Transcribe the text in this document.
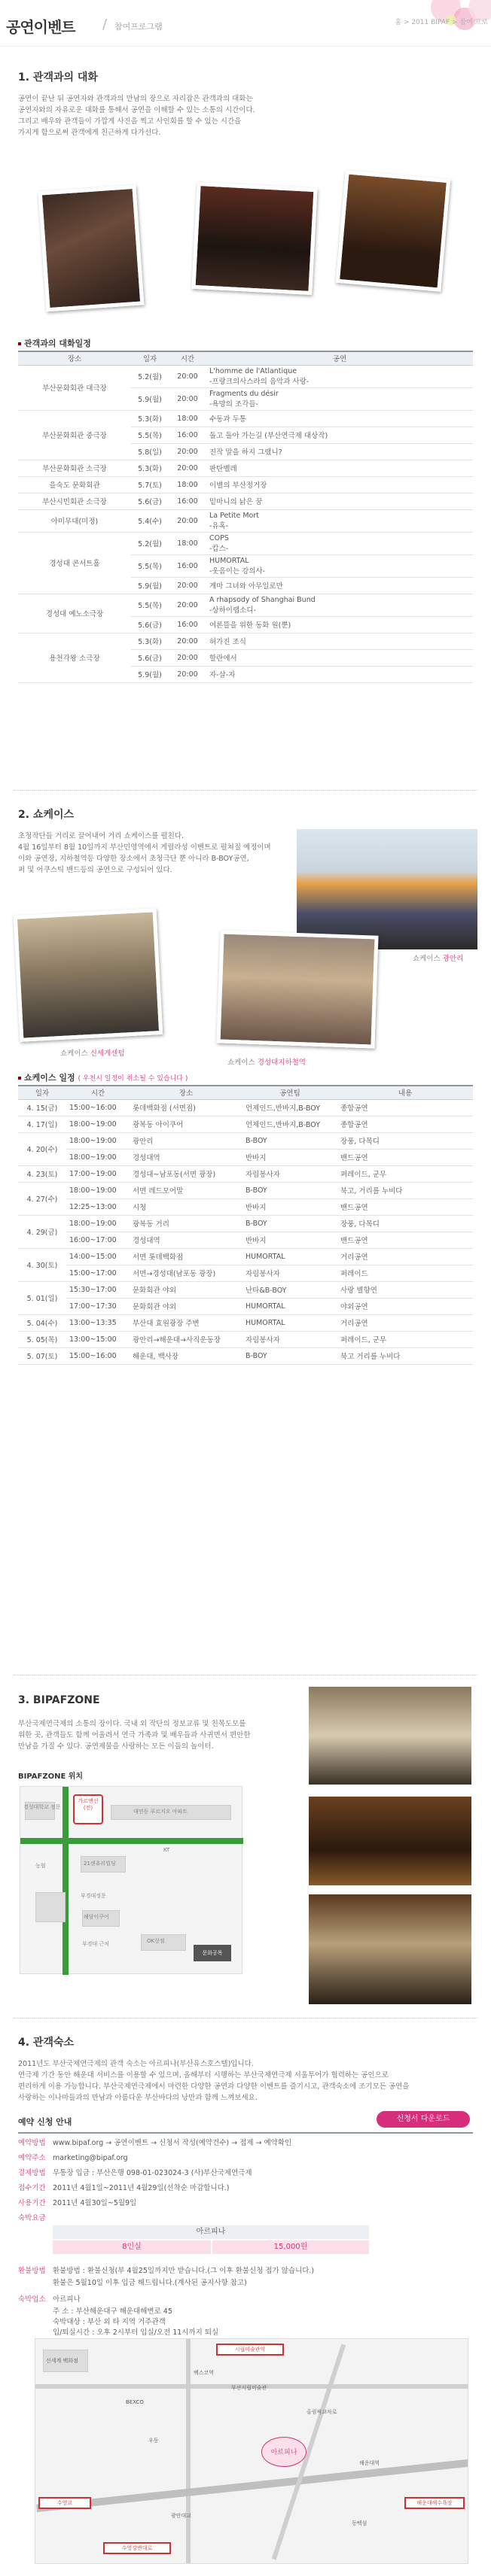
공연이벤트 / 참여프로그램	홈 > 2011 BIPAF > 참여 프로
1. 관객과의 대화
공연이 끝난 뒤 공연자와 관객과의 만남의 장으로 자리잡은 관객과의 대화는
공연자와의 자유로운 대화를 통해서 공연을 이해할 수 있는 소통의 시간이다.
그리고 배우와 관객들이 가깝게 사진을 찍고 사인회를 할 수 있는 시간을
가지게 함으로써 관객에게 친근하게 다가선다.
관객과의 대화일정
장소	일자	시간	공연
부산문화회관 대극장	5.2(월)	20:00	L'homme de l'Atlantique
-프랑크의사스라의 음악과 사랑-

	5.9(월)	20:00	Fragments du désir
-욕망의 조각들-

부산문화회관 중극장	5.3(화)	18:00	수동과 두통
	5.5(목)	16:00	돌고 돌아 가는길 (부산연극제 대상작)
	5.8(일)	20:00	진작 말을 하지 그랬니?
부산문화회관 소극장	5.3(화)	20:00	판탄벨레
을숙도 문화회관	5.7(토)	18:00	이별의 부산정거장
부산시민회관 소극장	5.6(금)	16:00	밑마니의 낡은 꿈
아미무대(미정)	5.4(수)	20:00	La Petite Mort
-유혹-

경성대 콘서트홀	5.2(월)	18:00	COPS
-캅스-

	5.5(목)	16:00	HUMORTAL
-웃음이는 강의사-

	5.9(월)	20:00	계마 그녀와 아무일로만
경성대 예노소극장	5.5(목)	20:00	A rhapsody of Shanghai Bund
-상하이랩소디-

	5.6(금)	16:00	여론뜰을 위한 동화 원(뿐)
용천각왕 소극장	5.3(화)	20:00	허가진 조식
	5.6(금)	20:00	할란에서
	5.9(월)	20:00	자-살-자
2. 쇼케이스
초청작단들 거리로 끌어내어 거리 쇼케이스를 펼친다.
4월 16일부터 8월 10일까지 부산민영역에서 게릴라성 이벤트로 펼쳐질 예정이며
이와 공연장, 지하철역등 다양한 장소에서 초청극단 뿐 아니라 B-BOY공연,
퍼 및 어쿠스틱 밴드등의 공연으로 구성되어 있다.
쇼케이스 광안리
쇼케이스 신세계센텀
쇼케이스 경성대지하철역
쇼케이스 일정 ( 우천시 일정이 취소될 수 있습니다 )
일자	시간	장소	공연팀	내용
4. 15(금)	15:00~16:00	롯데백화점 (서면점)	언제인드,반바지,B-BOY	종합공연
4. 17(일)	18:00~19:00	광복동 아이쿠어	언제인드,반바지,B-BOY	종합공연
4. 20(수)	18:00~19:00	광안리	B-BOY	장풍, 다목디
	18:00~19:00	경성대역	반바지	밴드공연
4. 23(토)	17:00~19:00	경성대~남포동(서면 광장)	자림봉사자	퍼레이드, 군무
4. 27(수)	18:00~19:00	서면 레드모어말	B-BOY	북고, 거리를 누비다
	12:25~13:00	시청	반바지	밴드공연
4. 29(금)	18:00~19:00	광복동 거리	B-BOY	장풍, 다목디
	16:00~17:00	경성대역	반바지	밴드공연
4. 30(토)	14:00~15:00	서면 롯데백화점	HUMORTAL	거리공연
	15:00~17:00	서면→경성대(남포동 광장)	자림봉사자	퍼레이드
5. 01(일)	15:30~17:00	문화회관 야외	난타&B-BOY	사랑 별향연
	17:00~17:30	문화회관 야외	HUMORTAL	야외공연
5. 04(수)	13:00~13:35	부산대 효원광장 주변	HUMORTAL	거리공연
5. 05(목)	13:00~15:00	광안리→해운대→사직운동장	자림봉사자	퍼레이드, 군무
5. 07(토)	15:00~16:00	해운대, 백사장	B-BOY	북고 거리를 누비다
3. BIPAFZONE
부산국제연극제의 소통의 장이다. 국내 외 작단의 정보교류 및 친목도모를
위한 곳, 관객들도 함께 어울려서 연극 가족과 및 배우들과 사귀면서 편안한
만남을 가질 수 있다. 공연제물을 사랑하는 모든 이들의 놀이터.
BIPAFZONE 위치
경성대학교 정문
가르멘선(전)
대연동 푸르지오 아파트
농협	21센츄리빌딩
KT
부경대정문
해담이쿠어
OK상점
부경대 근처
문화공목
4. 관객숙소
2011년도 부산국제연극제의 관객 숙소는 아르피나(부산유스호스텔)입니다.
연극제 기간 동안 해운대 서비스를 이용할 수 있으며, 올해부터 시행하는 부산국제연극제 서울투어가 협력하는 공인으로
편리하게 이용 가능합니다. 부산국제연극제에서 마련한 다양한 공연과 다양한 이벤트를 즐기시고, 관객숙소에 조기모든 공연을
사랑하는 이나마들과의 만남과 아름다운 부산바다의 낭만과 함께 느껴보세요.
예약 신청 안내	신청서 다운로드
예약방법 www.bipaf.org → 공연이벤트 → 신청서 작성(예약건수) → 접제 → 예약확인
예약주소 marketing@bipaf.org
결제방법 무통장 입금 : 부산은행 098-01-023024-3 (사)부산국제연극제
접수기간 2011년 4월1일~2011년 4월29일(선착순 마감합니다.)
사용기간 2011년 4월30일~5월9일
숙박요금
아르피나
8인실	15,000원
환불방법 환불방법 : 환불신청(부 4월25일까지만 받습니다.(그 이후 환불신청 접가 않습니다.)
환불은 5월10일 이후 입금 해드립니다.(계사된 공지사항 참고)
숙박업소 아르피나
주 소 : 부산해운대구 해운대해변로 45
숙박대상 : 부산 외 타 지역 거주관객
입/퇴실시간 : 오후 2시부터 입실/오전 11시까지 퇴실
신세계 백화점
시립미술관역
BEXCO
아르피나
벡스코역
수영교
부산시립미술관
올림픽교차로
수영강변대로
해운대해수욕장
광안대교
동백섬
해운대역
우동
